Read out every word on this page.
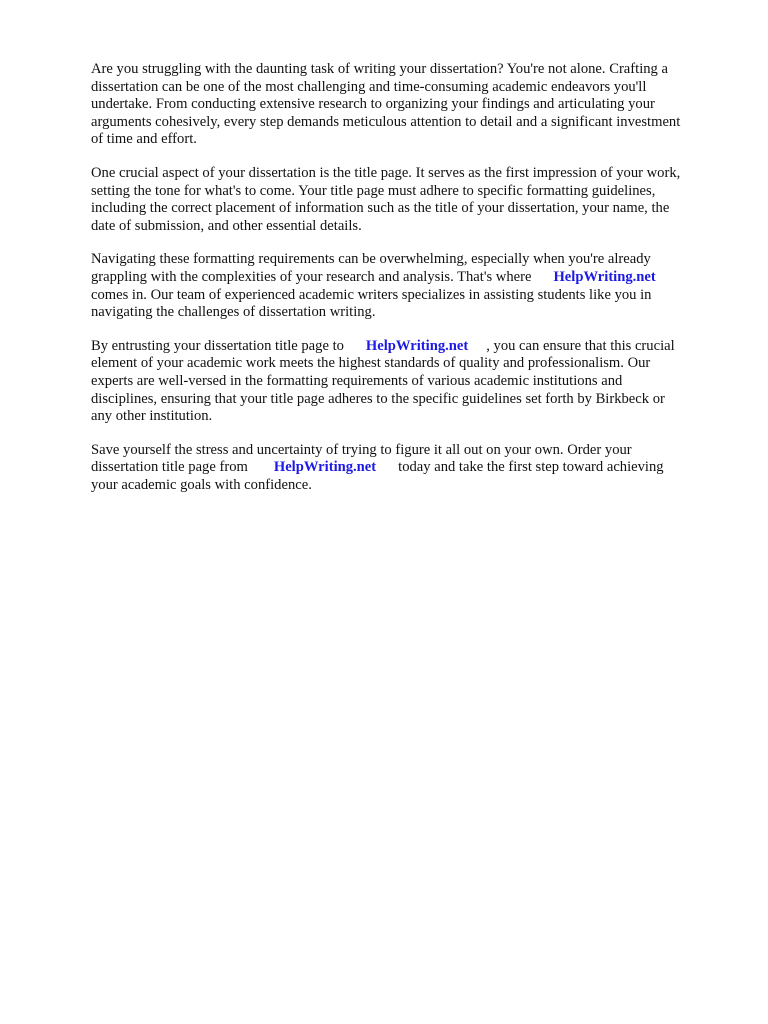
Are you struggling with the daunting task of writing your dissertation? You're not alone. Crafting a
dissertation can be one of the most challenging and time-consuming academic endeavors you'll
undertake. From conducting extensive research to organizing your findings and articulating your
arguments cohesively, every step demands meticulous attention to detail and a significant investment
of time and effort.

One crucial aspect of your dissertation is the title page. It serves as the first impression of your work,
setting the tone for what's to come. Your title page must adhere to specific formatting guidelines,
including the correct placement of information such as the title of your dissertation, your name, the
date of submission, and other essential details.

Navigating these formatting requirements can be overwhelming, especially when you're already
grappling with the complexities of your research and analysis. That's where HelpWriting.net
comes in. Our team of experienced academic writers specializes in assisting students like you in
navigating the challenges of dissertation writing.

By entrusting your dissertation title page to HelpWriting.net , you can ensure that this crucial
element of your academic work meets the highest standards of quality and professionalism. Our
experts are well-versed in the formatting requirements of various academic institutions and
disciplines, ensuring that your title page adheres to the specific guidelines set forth by Birkbeck or
any other institution.

Save yourself the stress and uncertainty of trying to figure it all out on your own. Order your
dissertation title page from HelpWriting.net today and take the first step toward achieving
your academic goals with confidence.
